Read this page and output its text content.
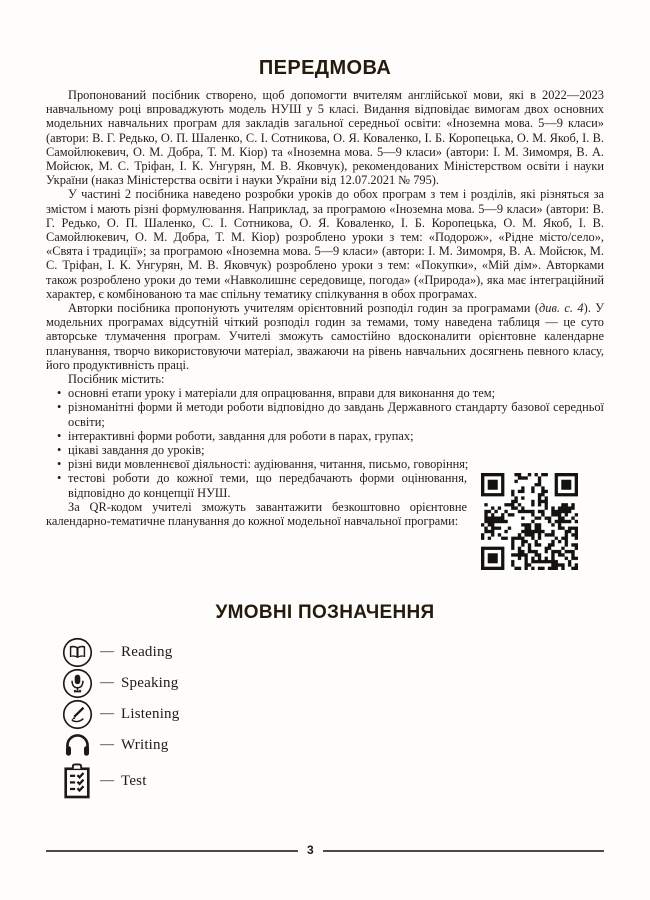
ПЕРЕДМОВА

Пропонований посібник створено, щоб допомогти вчителям англійської мови, які в 2022—2023 навчальному році впроваджують модель НУШ у 5 класі. Видання відповідає вимогам двох основних модельних навчальних програм для закладів загальної середньої освіти: «Іноземна мова. 5—9 класи» (автори: В. Г. Редько, О. П. Шаленко, С. І. Сотникова, О. Я. Коваленко, І. Б. Коропецька, О. М. Якоб, І. В. Самойлюкевич, О. М. Добра, Т. М. Кіор) та «Іноземна мова. 5—9 класи» (автори: І. М. Зимомря, В. А. Мойсюк, М. С. Тріфан, І. К. Унгурян, М. В. Яковчук), рекомендованих Міністерством освіти і науки України (наказ Міністерства освіти і науки України від 12.07.2021 № 795).

У частині 2 посібника наведено розробки уроків до обох програм з тем і розділів, які різняться за змістом і мають різні формулювання. Наприклад, за програмою «Іноземна мова. 5—9 класи» (автори: В. Г. Редько, О. П. Шаленко, С. І. Сотникова, О. Я. Коваленко, І. Б. Коропецька, О. М. Якоб, І. В. Самойлюкевич, О. М. Добра, Т. М. Кіор) розроблено уроки з тем: «Подорож», «Рідне місто/село», «Свята і традиції»; за програмою «Іноземна мова. 5—9 класи» (автори: І. М. Зимомря, В. А. Мойсюк, М. С. Тріфан, І. К. Унгурян, М. В. Яковчук) розроблено уроки з тем: «Покупки», «Мій дім». Авторками також розроблено уроки до теми «Навколишнє середовище, погода» («Природа»), яка має інтеграційний характер, є комбінованою та має спільну тематику спілкування в обох програмах.

Авторки посібника пропонують учителям орієнтовний розподіл годин за програмами (див. с. 4). У модельних програмах відсутній чіткий розподіл годин за темами, тому наведена таблиця — це суто авторське тлумачення програм. Учителі зможуть самостійно вдосконалити орієнтовне календарне планування, творчо використовуючи матеріал, зважаючи на рівень навчальних досягнень певного класу, його продуктивність праці.

Посібник містить:

• основні етапи уроку і матеріали для опрацювання, вправи для виконання до тем;
• різноманітні форми й методи роботи відповідно до завдань Державного стандарту базової середньої освіти;
• інтерактивні форми роботи, завдання для роботи в парах, групах;
• цікаві завдання до уроків;
• різні види мовленнєвої діяльності: аудіювання, читання, письмо, говоріння;
• тестові роботи до кожної теми, що передбачають форми оцінювання, відповідно до концепції НУШ.

За QR-кодом учителі зможуть завантажити безкоштовно орієнтовне календарно-тематичне планування до кожної модельної навчальної програми:

УМОВНІ ПОЗНАЧЕННЯ
— Reading
— Speaking
— Listening
— Writing
— Test
3
